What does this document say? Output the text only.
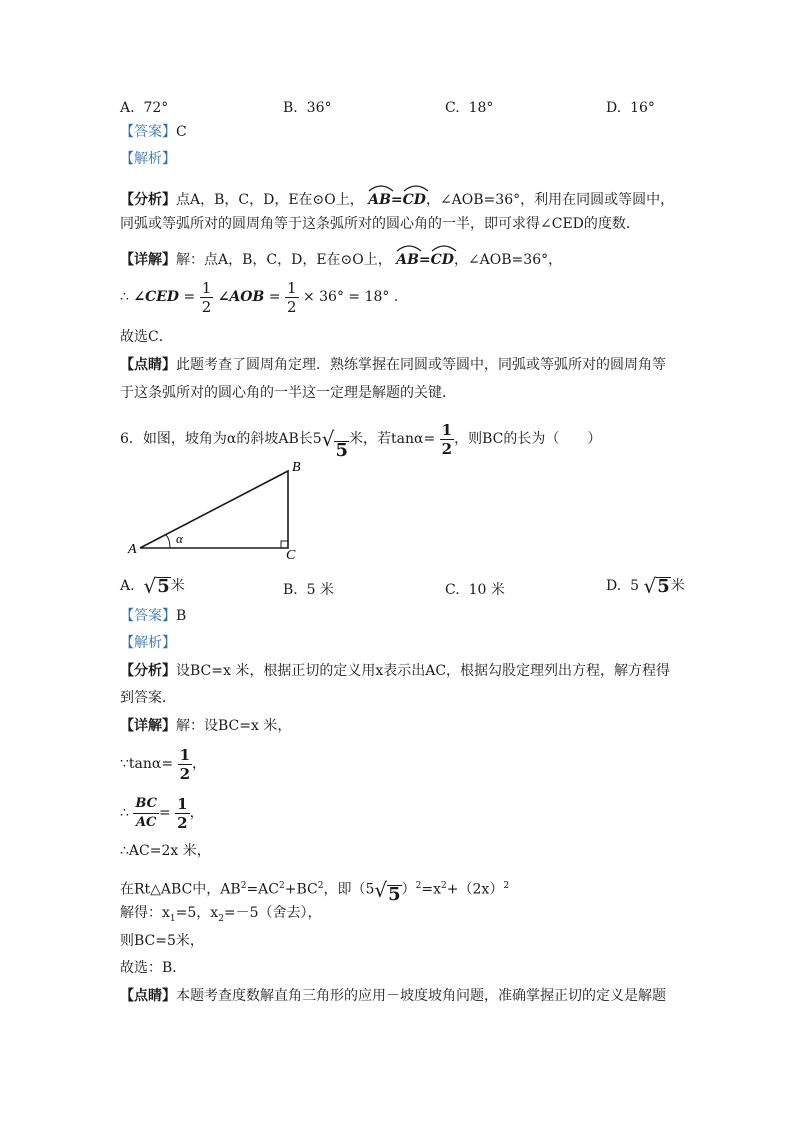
A. 72°	B. 36°	C. 18°	D. 16°
【答案】C
【解析】
【分析】点A，B，C，D，E在⊙O上， AB=
CD，∠AOB=36°，利用在同圆或等圆中，
同弧或等弧所对的圆周角等于这条弧所对的圆心角的一半，即可求得∠CED的度数．
【详解】解：点A，B，C，D，E在⊙O上， AB=
CD，∠AOB=36°，
∴ ∠CED = $\frac{1}{2}$ ∠AOB = $\frac{1}{2} \times 36^\circ = 18^\circ$ .
故选C．
【点睛】此题考查了圆周角定理．熟练掌握在同圆或等圆中，同弧或等弧所对的圆周角等
于这条弧所对的圆心角的一半这一定理是解题的关键．
6．如图，坡角为α的斜坡AB长5 √ 5
米，若$\tan\alpha= \frac{1}{2}$ ，则BC的长为（　　）
A
B
C
α
A. √ 5 米	B. 5 米	C. 10 米	D. 5 √ 5 米
【答案】B
【解析】
【分析】设BC=x 米，根据正切的定义用x表示出AC，根据勾股定理列出方程，解方程得
到答案．
【详解】解：设BC=x 米，
∵tanα= $\frac{1}{2}$ ，
∴ $\frac{BC}{AC} = \frac{1}{2}$ ，
∴AC=2x 米，
在Rt△ABC中，$AB^2=AC^2+BC^2$，即（5 √ 5 ）$^2=x^2+(2x)^2$
解得：$x_1=5$，$x_2=-5$（舍去），
则BC=5米，
故选：B．
【点睛】本题考查度数解直角三角形的应用－坡度坡角问题，准确掌握正切的定义是解题
